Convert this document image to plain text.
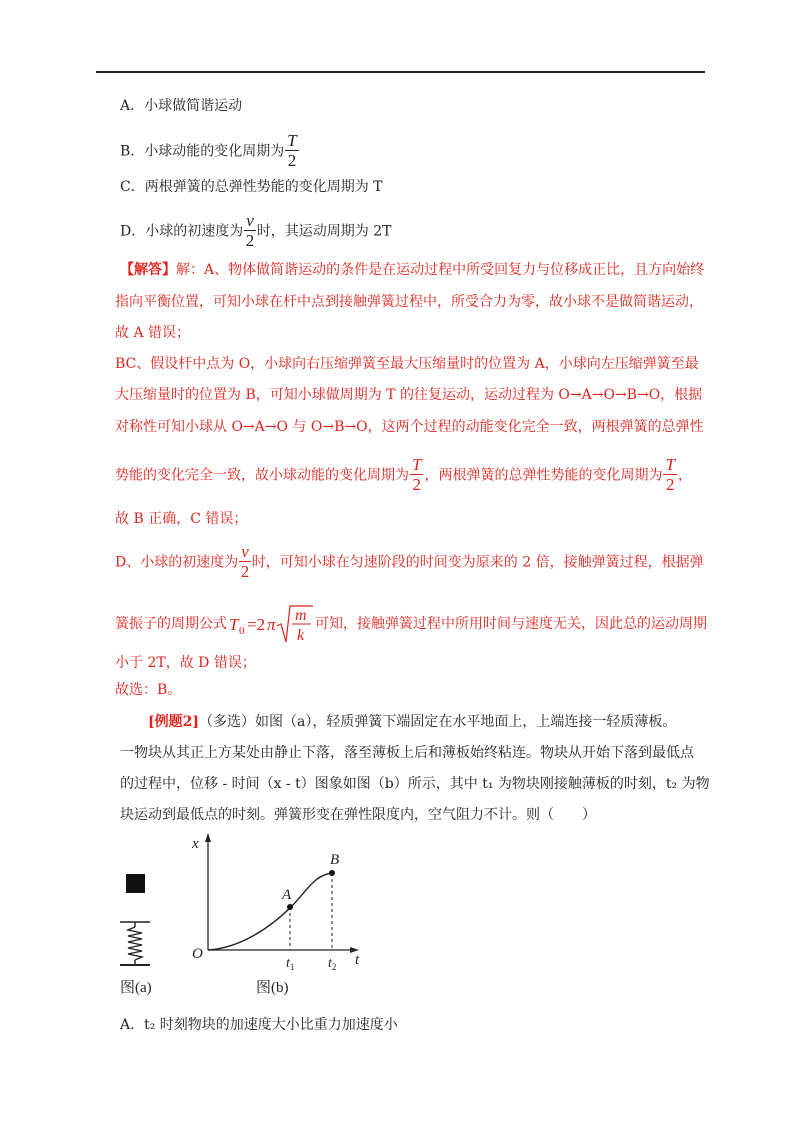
A．小球做简谐运动
B．小球动能的变化周期为 $\frac{T}{2}$
C．两根弹簧的总弹性势能的变化周期为 T
D．小球的初速度为 $\frac{v}{2}$ 时，其运动周期为 2T
【解答】解：A、物体做简谐运动的条件是在运动过程中所受回复力与位移成正比，且方向始终
指向平衡位置，可知小球在杆中点到接触弹簧过程中，所受合力为零，故小球不是做简谐运动，
故 A 错误；
BC、假设杆中点为 O，小球向右压缩弹簧至最大压缩量时的位置为 A，小球向左压缩弹簧至最
大压缩量时的位置为 B，可知小球做周期为 T 的往复运动，运动过程为 O→A→O→B→O，根据
对称性可知小球从 O→A→O 与 O→B→O，这两个过程的动能变化完全一致，两根弹簧的总弹性
势能的变化完全一致，故小球动能的变化周期为 $\frac{T}{2}$ ，两根弹簧的总弹性势能的变化周期为 $\frac{T}{2}$ ，
故 B 正确，C 错误；
D、小球的初速度为 $\frac{v}{2}$ 时，可知小球在匀速阶段的时间变为原来的 2 倍，接触弹簧过程，根据弹
簧振子的周期公式 T 0 =2 π m
k
可知，接触弹簧过程中所用时间与速度无关，因此总的运动周期
小于 2T，故 D 错误；
故选：B。
[例题2]（多选）如图（a），轻质弹簧下端固定在水平地面上，上端连接一轻质薄板。
一物块从其正上方某处由静止下落，落至薄板上后和薄板始终粘连。物块从开始下落到最低点
的过程中，位移 - 时间（x - t）图象如图（b）所示，其中 t₁ 为物块刚接触薄板的时刻，t₂ 为物
块运动到最低点的时刻。弹簧形变在弹性限度内，空气阻力不计。则（　　）
图(a)
x
t
O
A
B
$t_1$ $t_2$
图(b)
A．t₂ 时刻物块的加速度大小比重力加速度小
